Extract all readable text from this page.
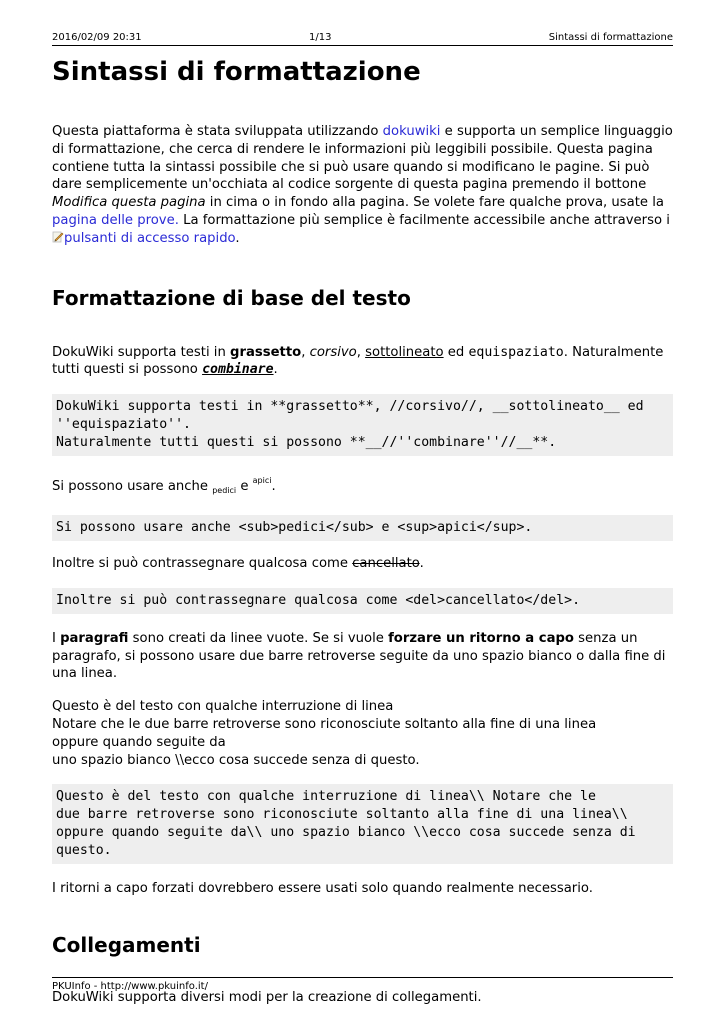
2016/02/09 20:31	1/13	Sintassi di formattazione
Sintassi di formattazione

Questa piattaforma è stata sviluppata utilizzando dokuwiki e supporta un semplice linguaggio di formattazione, che cerca di rendere le informazioni più leggibili possibile. Questa pagina contiene tutta la sintassi possibile che si può usare quando si modificano le pagine. Si può dare semplicemente un'occhiata al codice sorgente di questa pagina premendo il bottone Modifica questa pagina in cima o in fondo alla pagina. Se volete fare qualche prova, usate la pagina delle prove. La formattazione più semplice è facilmente accessibile anche attraverso i pulsanti di accesso rapido.

Formattazione di base del testo

DokuWiki supporta testi in grassetto, corsivo, sottolineato ed equispaziato. Naturalmente tutti questi si possono combinare.

DokuWiki supporta testi in **grassetto**, //corsivo//, __sottolineato__ ed ''equispaziato''.
Naturalmente tutti questi si possono **__//''combinare''//__**.

Si possono usare anche $_{pedici}$ e $^{apici}$.

Si possono usare anche <sub>pedici</sub> e <sup>apici</sup>.

Inoltre si può contrassegnare qualcosa come cancellato.

Inoltre si può contrassegnare qualcosa come <del>cancellato</del>.

I paragrafi sono creati da linee vuote. Se si vuole forzare un ritorno a capo senza un paragrafo, si possono usare due barre retroverse seguite da uno spazio bianco o dalla fine di una linea.

Questo è del testo con qualche interruzione di linea
Notare che le due barre retroverse sono riconosciute soltanto alla fine di una linea
oppure quando seguite da
uno spazio bianco \\ecco cosa succede senza di questo.

Questo è del testo con qualche interruzione di linea\\ Notare che le
due barre retroverse sono riconosciute soltanto alla fine di una linea\\
oppure quando seguite da\\ uno spazio bianco \\ecco cosa succede senza di
questo.

I ritorni a capo forzati dovrebbero essere usati solo quando realmente necessario.

Collegamenti

DokuWiki supporta diversi modi per la creazione di collegamenti.

PKUInfo - http://www.pkuinfo.it/
